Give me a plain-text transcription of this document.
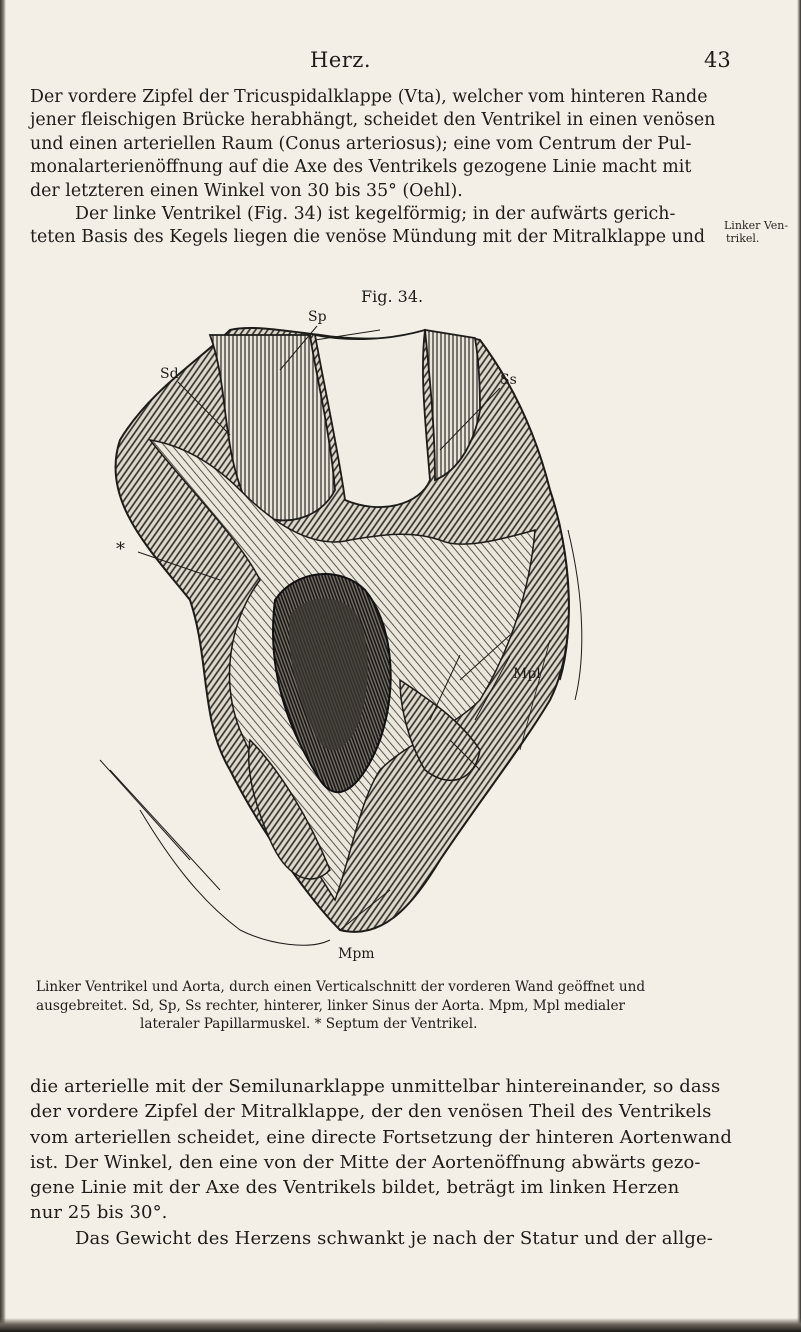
Herz.	43

Der vordere Zipfel der Tricuspidalklappe (Vta), welcher vom hinteren Rande

jener fleischigen Brücke herabhängt, scheidet den Ventrikel in einen venösen

und einen arteriellen Raum (Conus arteriosus); eine vom Centrum der Pul-

monalarterienöffnung auf die Axe des Ventrikels gezogene Linie macht mit

der letzteren einen Winkel von 30 bis 35° (Oehl).

Der linke Ventrikel (Fig. 34) ist kegelförmig; in der aufwärts gerich-

teten Basis des Kegels liegen die venöse Mündung mit der Mitralklappe und

Linker Ven-
trikel.
Fig. 34.
Sp
Sd	Ss
*
Mpl
Mpm

Linker Ventrikel und Aorta, durch einen Verticalschnitt der vorderen Wand geöffnet und

ausgebreitet. Sd, Sp, Ss rechter, hinterer, linker Sinus der Aorta. Mpm, Mpl medialer

lateraler Papillarmuskel. * Septum der Ventrikel.

die arterielle mit der Semilunarklappe unmittelbar hintereinander, so dass

der vordere Zipfel der Mitralklappe, der den venösen Theil des Ventrikels

vom arteriellen scheidet, eine directe Fortsetzung der hinteren Aortenwand

ist. Der Winkel, den eine von der Mitte der Aortenöffnung abwärts gezo-

gene Linie mit der Axe des Ventrikels bildet, beträgt im linken Herzen

nur 25 bis 30°.

Das Gewicht des Herzens schwankt je nach der Statur und der allge-
